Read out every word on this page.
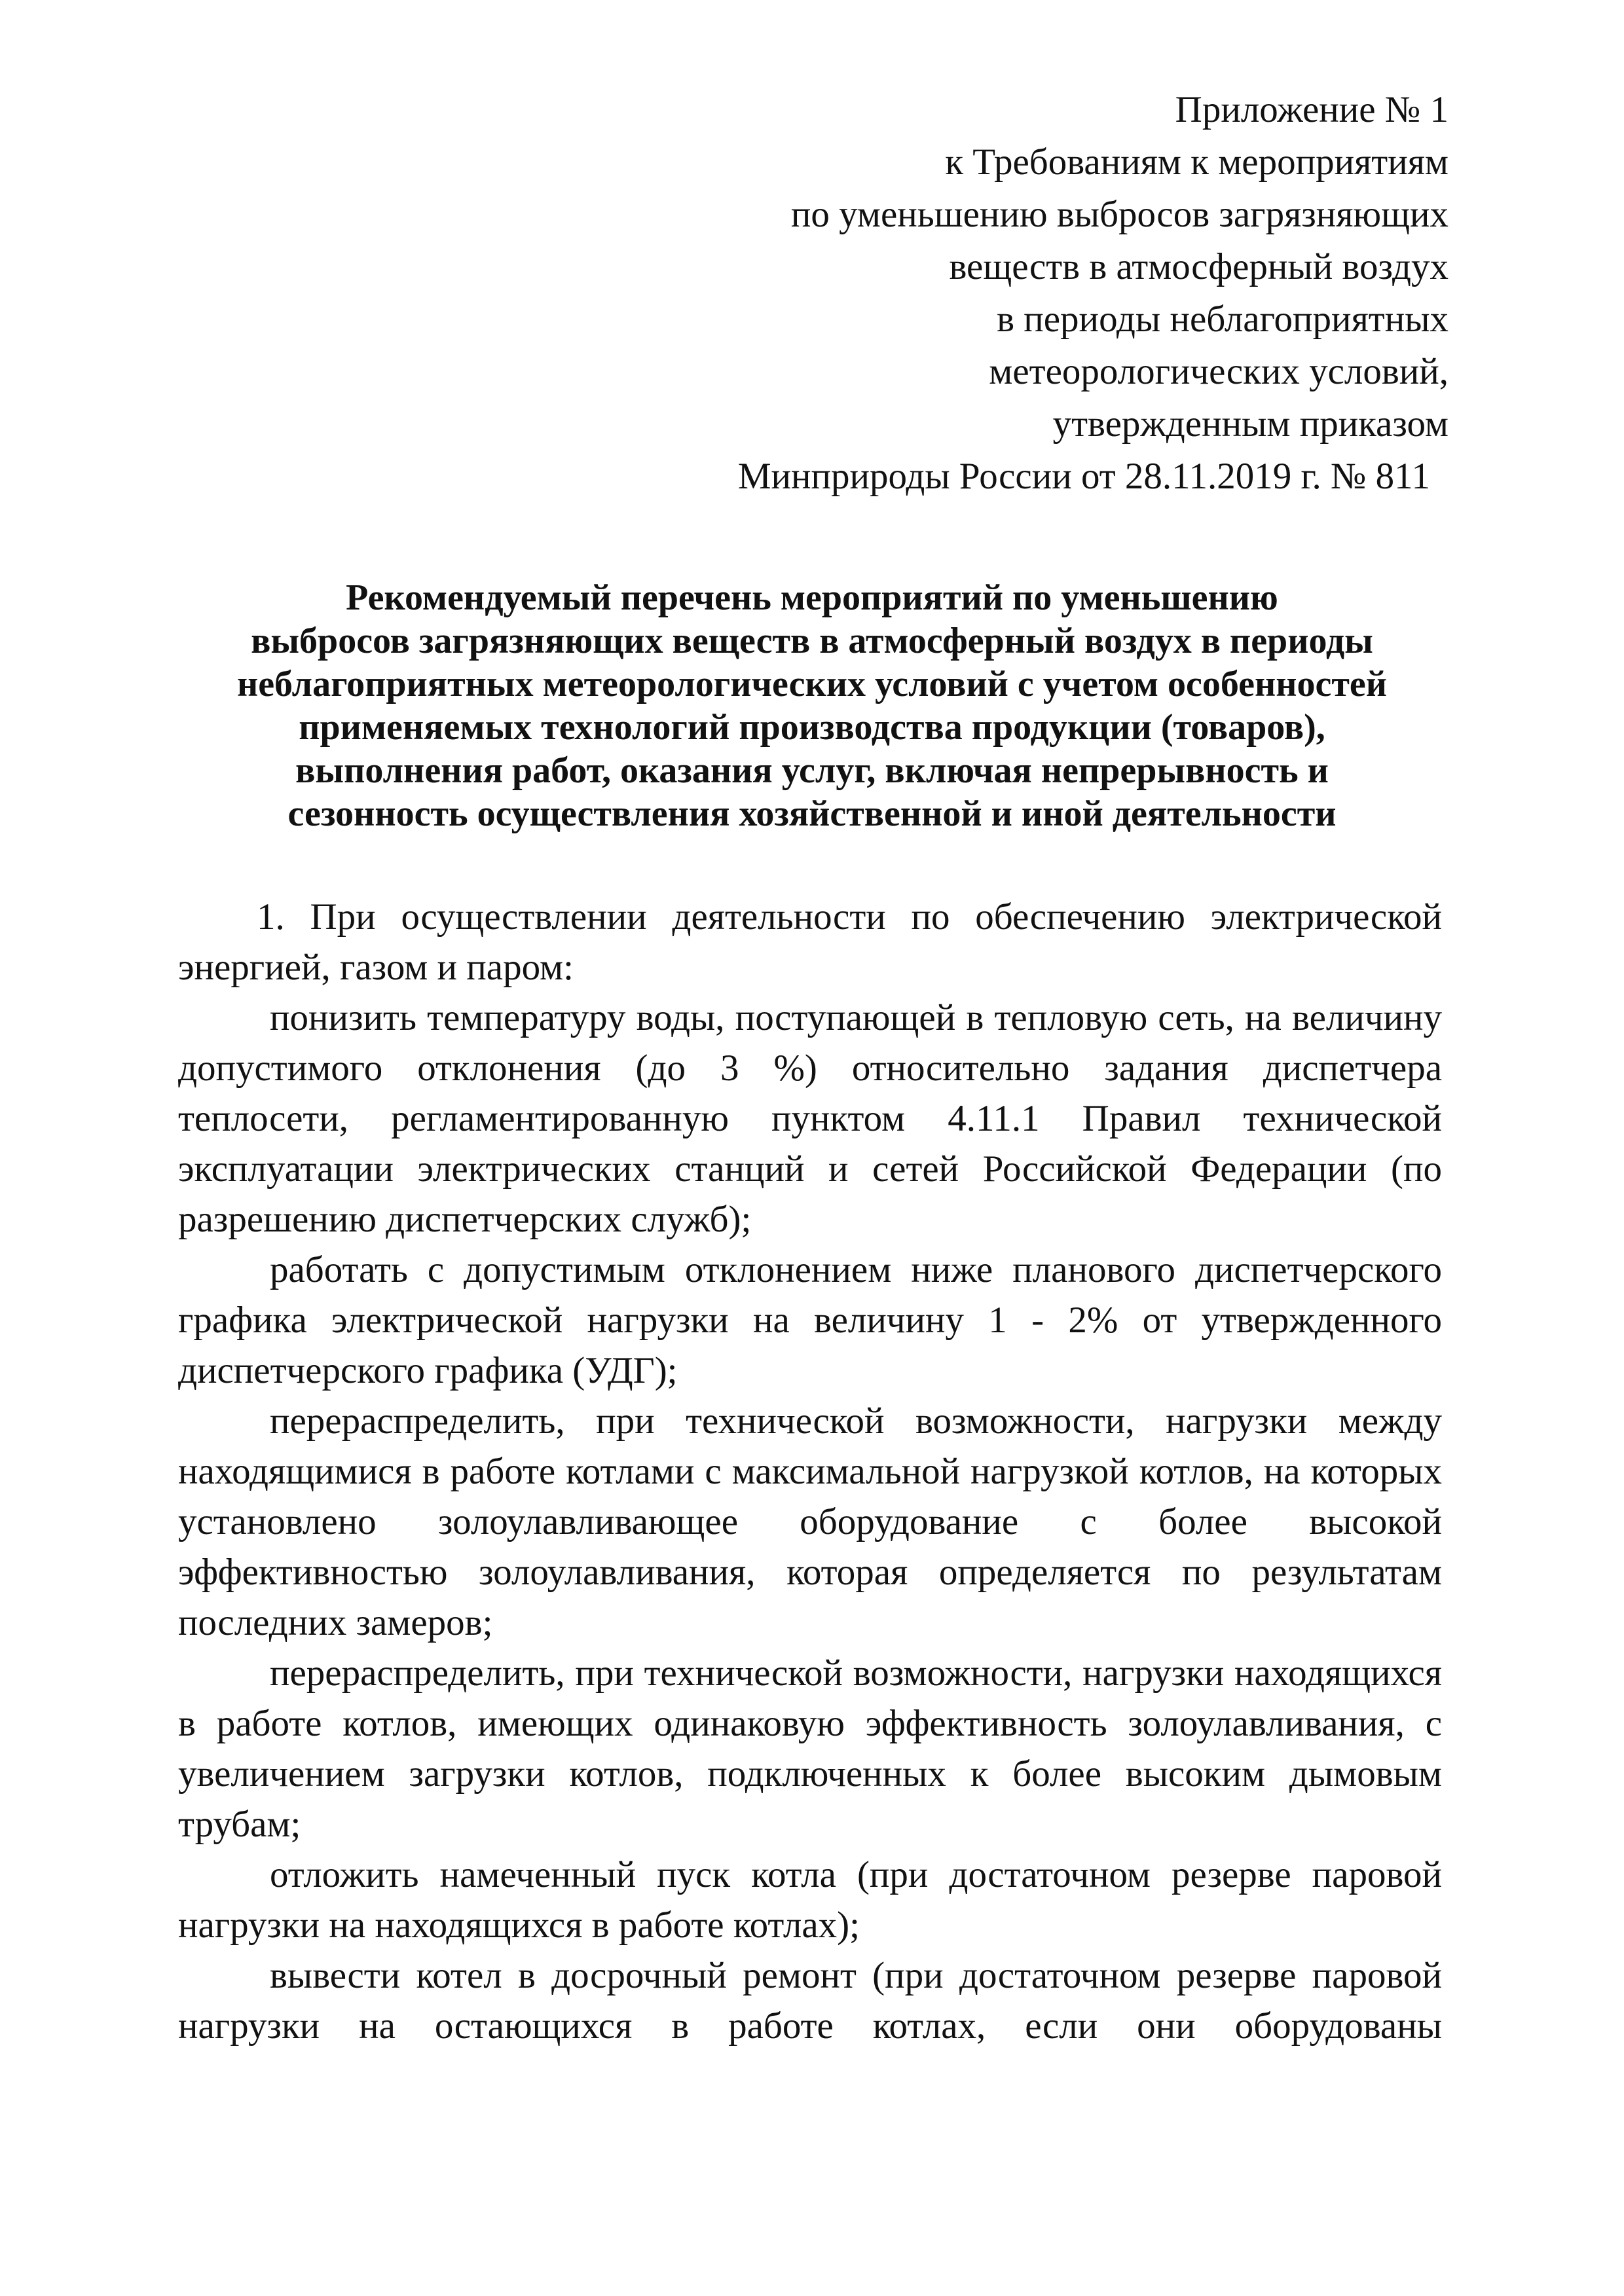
Приложение № 1
к Требованиям к мероприятиям
по уменьшению выбросов загрязняющих
веществ в атмосферный воздух
в периоды неблагоприятных
метеорологических условий,
утвержденным приказом
Минприроды России от 28.11.2019 г. № 811
Рекомендуемый перечень мероприятий по уменьшению
выбросов загрязняющих веществ в атмосферный воздух в периоды
неблагоприятных метеорологических условий с учетом особенностей
применяемых технологий производства продукции (товаров),
выполнения работ, оказания услуг, включая непрерывность и
сезонность осуществления хозяйственной и иной деятельности

1. При осуществлении деятельности по обеспечению электрической энергией, газом и паром:

понизить температуру воды, поступающей в тепловую сеть, на величину допустимого отклонения (до 3 %) относительно задания диспетчера теплосети, регламентированную пунктом 4.11.1 Правил технической эксплуатации электрических станций и сетей Российской Федерации (по разрешению диспетчерских служб);

работать с допустимым отклонением ниже планового диспетчерского графика электрической нагрузки на величину 1 - 2% от утвержденного диспетчерского графика (УДГ);

перераспределить, при технической возможности, нагрузки между находящимися в работе котлами с максимальной нагрузкой котлов, на которых установлено золоулавливающее оборудование с более высокой эффективностью золоулавливания, которая определяется по результатам последних замеров;

перераспределить, при технической возможности, нагрузки находящихся в работе котлов, имеющих одинаковую эффективность золоулавливания, с увеличением загрузки котлов, подключенных к более высоким дымовым трубам;

отложить намеченный пуск котла (при достаточном резерве паровой нагрузки на находящихся в работе котлах);

вывести котел в досрочный ремонт (при достаточном резерве паровой нагрузки на остающихся в работе котлах, если они оборудованы
